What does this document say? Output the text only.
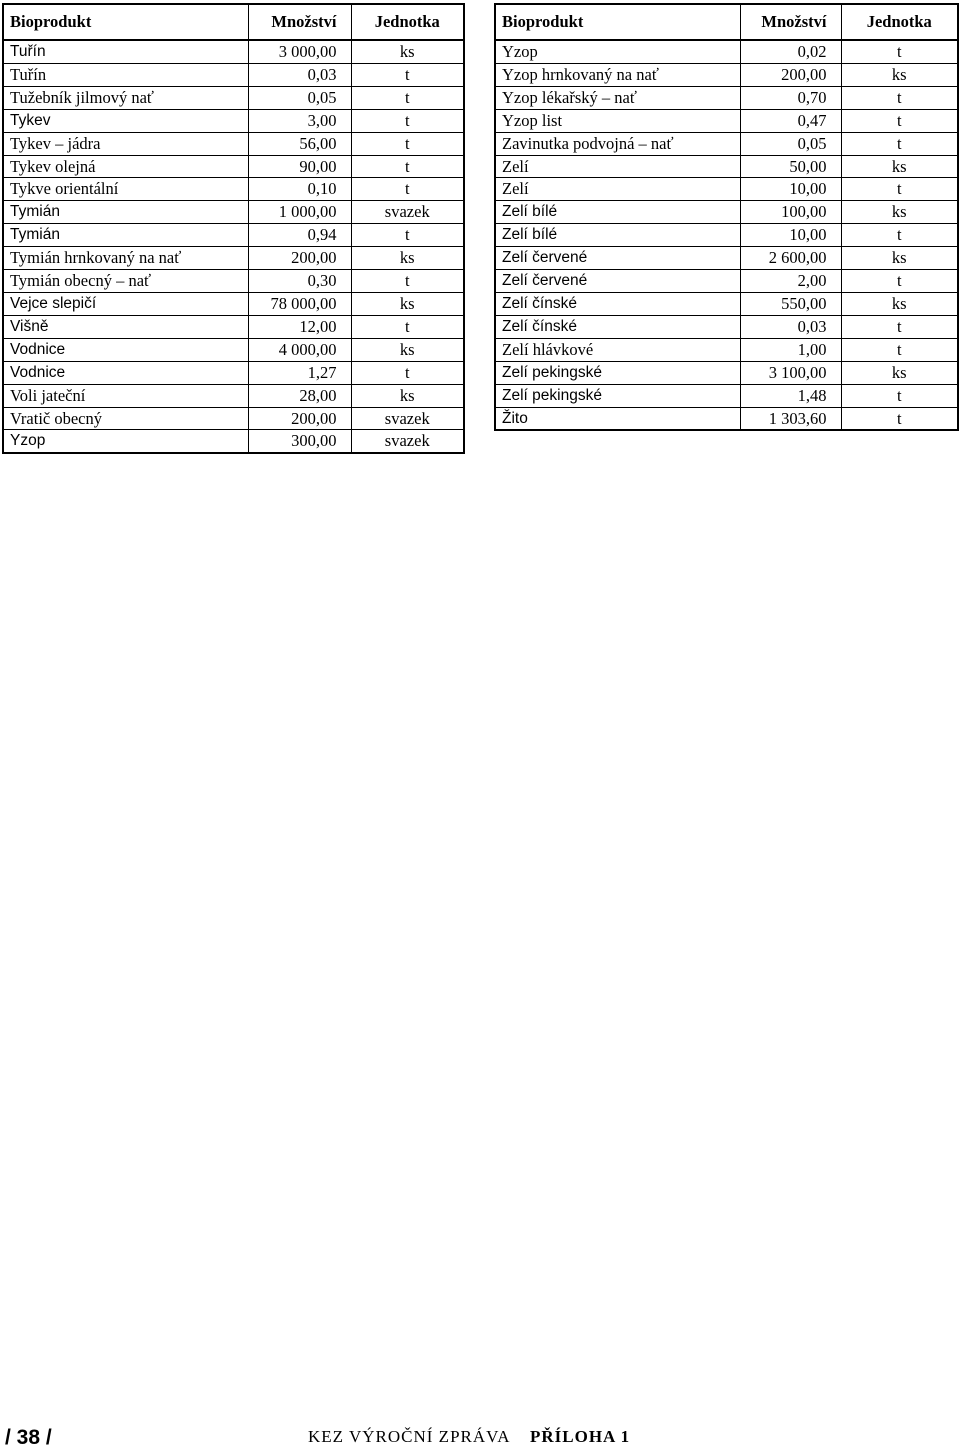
Bioprodukt	Množství	Jednotka
Tuřín	3 000,00	ks
Tuřín	0,03	t
Tužebník jilmový nať	0,05	t
Tykev	3,00	t
Tykev – jádra	56,00	t
Tykev olejná	90,00	t
Tykve orientální	0,10	t
Tymián	1 000,00	svazek
Tymián	0,94	t
Tymián hrnkovaný na nať	200,00	ks
Tymián obecný – nať	0,30	t
Vejce slepičí	78 000,00	ks
Višně	12,00	t
Vodnice	4 000,00	ks
Vodnice	1,27	t
Voli jateční	28,00	ks
Vratič obecný	200,00	svazek
Yzop	300,00	svazek
Bioprodukt	Množství	Jednotka
Yzop	0,02	t
Yzop hrnkovaný na nať	200,00	ks
Yzop lékařský – nať	0,70	t
Yzop list	0,47	t
Zavinutka podvojná – nať	0,05	t
Zelí	50,00	ks
Zelí	10,00	t
Zelí bílé	100,00	ks
Zelí bílé	10,00	t
Zelí červené	2 600,00	ks
Zelí červené	2,00	t
Zelí čínské	550,00	ks
Zelí čínské	0,03	t
Zelí hlávkové	1,00	t
Zelí pekingské	3 100,00	ks
Zelí pekingské	1,48	t
Žito	1 303,60	t
/ 38 /	KEZ VÝROČNÍ ZPRÁVA PŘÍLOHA 1
